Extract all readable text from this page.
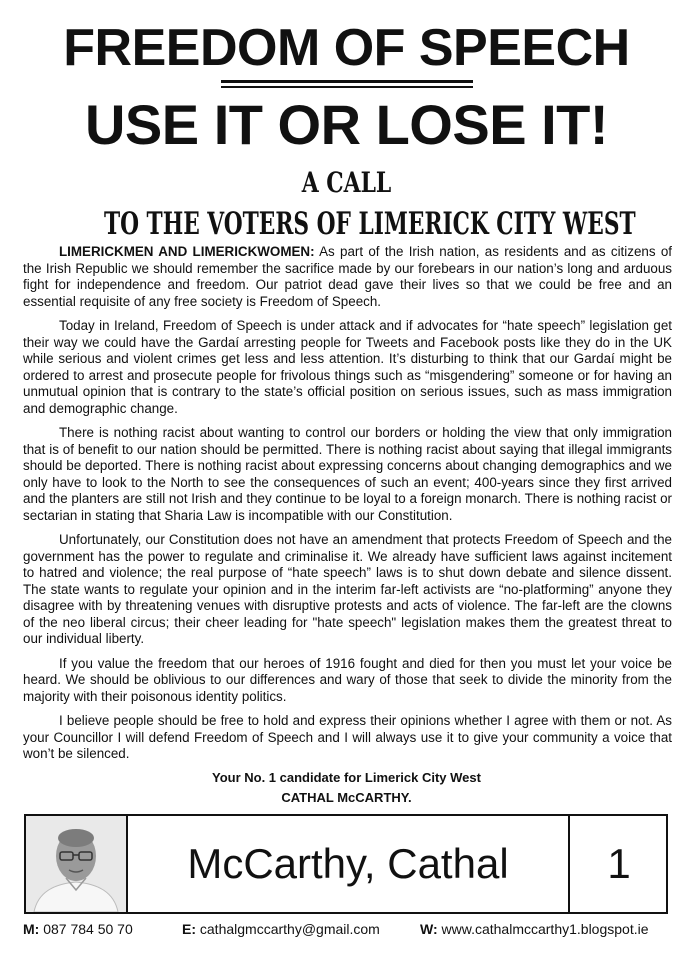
FREEDOM OF SPEECH
USE IT OR LOSE IT!
A CALL
TO THE VOTERS OF LIMERICK CITY WEST

LIMERICKMEN AND LIMERICKWOMEN: As part of the Irish nation, as residents and as citizens of the Irish Republic we should remember the sacrifice made by our forebears in our nation’s long and arduous fight for independence and freedom. Our patriot dead gave their lives so that we could be free and an essential requisite of any free society is Freedom of Speech.

Today in Ireland, Freedom of Speech is under attack and if advocates for “hate speech” legislation get their way we could have the Gardaí arresting people for Tweets and Facebook posts like they do in the UK while serious and violent crimes get less and less attention. It’s disturbing to think that our Gardaí might be ordered to arrest and prosecute people for frivolous things such as “misgendering” someone or for having an unmutual opinion that is contrary to the state’s official position on serious issues, such as mass immigration and demographic change.

There is nothing racist about wanting to control our borders or holding the view that only immigration that is of benefit to our nation should be permitted. There is nothing racist about saying that illegal immigrants should be deported. There is nothing racist about expressing concerns about changing demographics and we only have to look to the North to see the consequences of such an event; 400-years since they first arrived and the planters are still not Irish and they continue to be loyal to a foreign monarch. There is nothing racist or sectarian in stating that Sharia Law is incompatible with our Constitution.

Unfortunately, our Constitution does not have an amendment that protects Freedom of Speech and the government has the power to regulate and criminalise it. We already have sufficient laws against incitement to hatred and violence; the real purpose of “hate speech” laws is to shut down debate and silence dissent. The state wants to regulate your opinion and in the interim far-left activists are “no-platforming” anyone they disagree with by threatening venues with disruptive protests and acts of violence. The far-left are the clowns of the neo liberal circus; their cheer leading for "hate speech" legislation makes them the greatest threat to our individual liberty.

If you value the freedom that our heroes of 1916 fought and died for then you must let your voice be heard. We should be oblivious to our differences and wary of those that seek to divide the minority from the majority with their poisonous identity politics.

I believe people should be free to hold and express their opinions whether I agree with them or not. As your Councillor I will defend Freedom of Speech and I will always use it to give your community a voice that won’t be silenced.

Your No. 1 candidate for Limerick City West
CATHAL McCARTHY.
McCarthy, Cathal	1
M: 087 784 50 70	E: cathalgmccarthy@gmail.com	W: www.cathalmccarthy1.blogspot.ie
